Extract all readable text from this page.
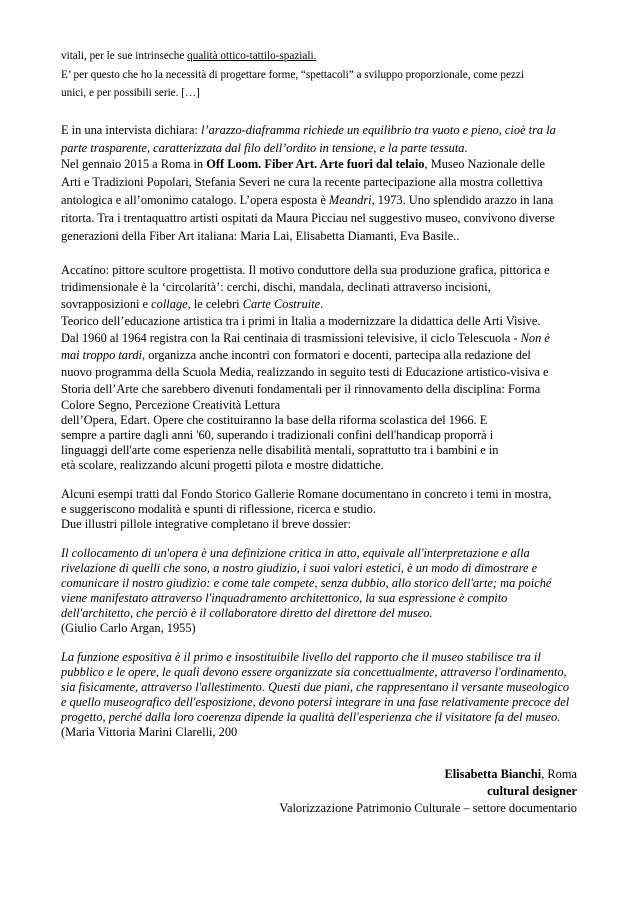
vitali, per le sue intrinseche qualità ottico-tattilo-spaziali.
E’ per questo che ho la necessità di progettare forme, “spettacoli” a sviluppo proporzionale, come pezzi
unici, e per possibili serie. […]
E in una intervista dichiara: l’arazzo-diaframma richiede un equilibrio tra vuoto e pieno, cioè tra la
parte trasparente, caratterizzata dal filo dell’ordito in tensione, e la parte tessuta.
Nel gennaio 2015 a Roma in Off Loom. Fiber Art. Arte fuori dal telaio, Museo Nazionale delle
Arti e Tradizioni Popolari, Stefania Severi ne cura la recente partecipazione alla mostra collettiva
antologica e all’omonimo catalogo. L’opera esposta è Meandri, 1973. Uno splendido arazzo in lana
ritorta. Tra i trentaquattro artisti ospitati da Maura Picciau nel suggestivo museo, convivono diverse
generazioni della Fiber Art italiana: Maria Lai, Elisabetta Diamanti, Eva Basile..
Accatino: pittore scultore progettista. Il motivo conduttore della sua produzione grafica, pittorica e
tridimensionale è la ‘circolarità’: cerchi, dischi, mandala, declinati attraverso incisioni,
sovrapposizioni e collage, le celebri Carte Costruite.
Teorico dell’educazione artistica tra i primi in Italia a modernizzare la didattica delle Arti Visive.
Dal 1960 al 1964 registra con la Rai centinaia di trasmissioni televisive, il ciclo Telescuola - Non è
mai troppo tardi, organizza anche incontri con formatori e docenti, partecipa alla redazione del
nuovo programma della Scuola Media, realizzando in seguito testi di Educazione artistico-visiva e
Storia dell’Arte che sarebbero divenuti fondamentali per il rinnovamento della disciplina: Forma
Colore Segno, Percezione Creatività Lettura
dell’Opera, Edart. Opere che costituiranno la base della riforma scolastica del 1966. E
sempre a partire dagli anni '60, superando i tradizionali confini dell'handicap proporrà i
linguaggi dell'arte come esperienza nelle disabilità mentali, soprattutto tra i bambini e in
età scolare, realizzando alcuni progetti pilota e mostre didattiche.
Alcuni esempi tratti dal Fondo Storico Gallerie Romane documentano in concreto i temi in mostra,
e suggeriscono modalità e spunti di riflessione, ricerca e studio.
Due illustri pillole integrative completano il breve dossier:
Il collocamento di un'opera è una definizione critica in atto, equivale all'interpretazione e alla
rivelazione di quelli che sono, a nostro giudizio, i suoi valori estetici, è un modo di dimostrare e
comunicare il nostro giudizio: e come tale compete, senza dubbio, allo storico dell'arte; ma poiché
viene manifestato attraverso l'inquadramento architettonico, la sua espressione è compito
dell'architetto, che perciò è il collaboratore diretto del direttore del museo.
(Giulio Carlo Argan, 1955)
La funzione espositiva è il primo e insostituibile livello del rapporto che il museo stabilisce tra il
pubblico e le opere, le quali devono essere organizzate sia concettualmente, attraverso l'ordinamento,
sia fisicamente, attraverso l'allestimento. Questi due piani, che rappresentano il versante museologico
e quello museografico dell'esposizione, devono potersi integrare in una fase relativamente precoce del
progetto, perché dalla loro coerenza dipende la qualità dell'esperienza che il visitatore fa del museo.
(Maria Vittoria Marini Clarelli, 200
Elisabetta Bianchi, Roma
cultural designer
Valorizzazione Patrimonio Culturale – settore documentario
